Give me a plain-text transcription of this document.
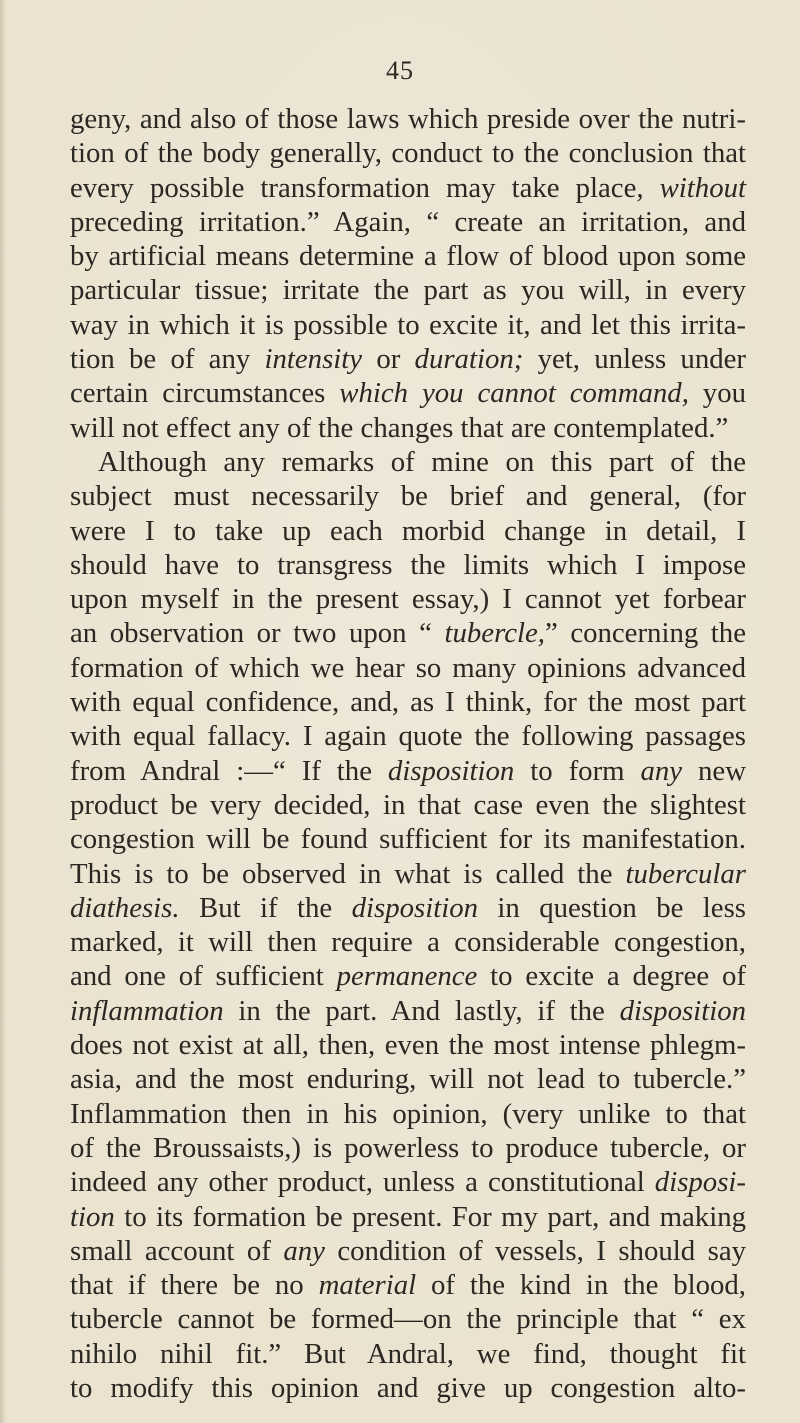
45
geny, and also of those laws which preside over the nutri-
tion of the body generally, conduct to the conclusion that
every possible transformation may take place, without
preceding irritation.” Again, “ create an irritation, and
by artificial means determine a flow of blood upon some
particular tissue; irritate the part as you will, in every
way in which it is possible to excite it, and let this irrita-
tion be of any intensity or duration; yet, unless under
certain circumstances which you cannot command, you
will not effect any of the changes that are contemplated.”
Although any remarks of mine on this part of the
subject must necessarily be brief and general, (for
were I to take up each morbid change in detail, I
should have to transgress the limits which I impose
upon myself in the present essay,) I cannot yet forbear
an observation or two upon “ tubercle,” concerning the
formation of which we hear so many opinions advanced
with equal confidence, and, as I think, for the most part
with equal fallacy. I again quote the following passages
from Andral :—“ If the disposition to form any new
product be very decided, in that case even the slightest
congestion will be found sufficient for its manifestation.
This is to be observed in what is called the tubercular
diathesis. But if the disposition in question be less
marked, it will then require a considerable congestion,
and one of sufficient permanence to excite a degree of
inflammation in the part. And lastly, if the disposition
does not exist at all, then, even the most intense phlegm-
asia, and the most enduring, will not lead to tubercle.”
Inflammation then in his opinion, (very unlike to that
of the Broussaists,) is powerless to produce tubercle, or
indeed any other product, unless a constitutional disposi-
tion to its formation be present. For my part, and making
small account of any condition of vessels, I should say
that if there be no material of the kind in the blood,
tubercle cannot be formed—on the principle that “ ex
nihilo nihil fit.” But Andral, we find, thought fit
to modify this opinion and give up congestion alto-
